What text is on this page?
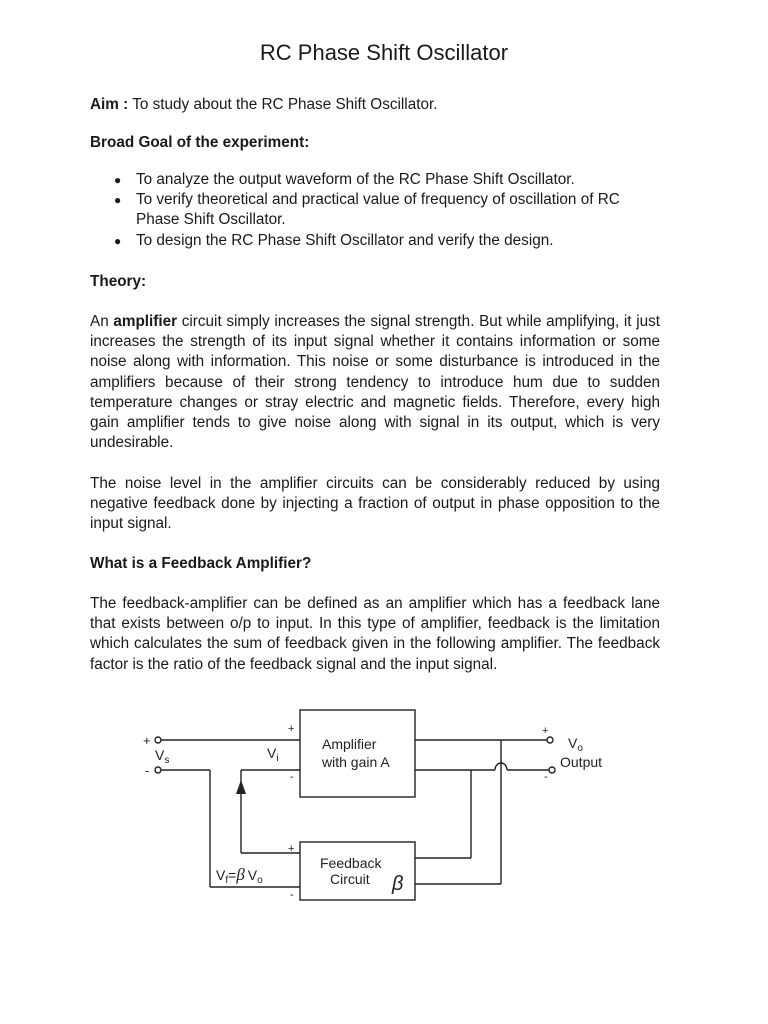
RC Phase Shift Oscillator
Aim : To study about the RC Phase Shift Oscillator.
Broad Goal of the experiment:
● To analyze the output waveform of the RC Phase Shift Oscillator.
● To verify theoretical and practical value of frequency of oscillation of RC Phase Shift Oscillator.
● To design the RC Phase Shift Oscillator and verify the design.
Theory:
An amplifier circuit simply increases the signal strength. But while amplifying, it just increases the strength of its input signal whether it contains information or some noise along with information. This noise or some disturbance is introduced in the amplifiers because of their strong tendency to introduce hum due to sudden temperature changes or stray electric and magnetic fields. Therefore, every high gain amplifier tends to give noise along with signal in its output, which is very undesirable.
The noise level in the amplifier circuits can be considerably reduced by using negative feedback done by injecting a fraction of output in phase opposition to the input signal.
What is a Feedback Amplifier?
The feedback-amplifier can be defined as an amplifier which has a feedback lane that exists between o/p to input. In this type of amplifier, feedback is the limitation which calculates the sum of feedback given in the following amplifier. The feedback factor is the ratio of the feedback signal and the input signal.
Amplifier
with gain A
Feedback
Circuit β
+
-
$V_s$	$V_i$
+
-
+
-
+
-
$V_o$
Output
$V_f=\beta$ $V_o$
